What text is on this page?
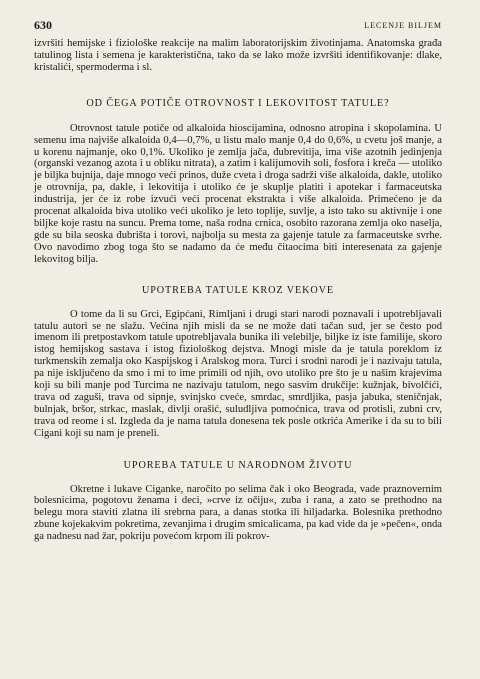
630	LECENJE BILJEM

izvršiti hemijske i fiziološke reakcije na malim laboratorijskim životinjama. Anatomska građa tatulinog lista i semena je karakteristična, tako da se lako može izvršiti identifikovanje: dlake, kristalići, spermoderma i sl.

OD ČEGA POTIČE OTROVNOST I LEKOVITOST TATULE?

Otrovnost tatule potiče od alkaloida hioscijamina, odnosno atropina i skopolamina. U semenu ima najviše alkaloida 0,4—0,7%, u listu malo manje 0,4 do 0,6%, u cvetu još manje, a u korenu najmanje, oko 0,1%. Ukoliko je zemlja jača, đubrevitija, ima više azotnih jedinjenja (organski vezanog azota i u obliku nitrata), a zatim i kalijumovih soli, fosfora i kreča — utoliko je biljka bujnija, daje mnogo veći prinos, duže cveta i droga sadrži više alkaloida, dakle, utoliko je otrovnija, pa, dakle, i lekovitija i utoliko će je skuplje platiti i apotekar i farmaceutska industrija, jer će iz robe izvući veći procenat ekstrakta i više alkaloida. Primećeno je da procenat alkaloida biva utoliko veći ukoliko je leto toplije, suvlje, a isto tako su aktivnije i one biljke koje rastu na suncu. Prema tome, naša rodna crnica, osobito razorana zemlja oko naselja, gde su bila seoska đubrišta i torovi, najbolja su mesta za gajenje tatule za farmaceutske svrhe. Ovo navodimo zbog toga što se nadamo da će među čitaocima biti interesenata za gajenje lekovitog bilja.

UPOTREBA TATULE KROZ VEKOVE

O tome da li su Grci, Egipćani, Rimljani i drugi stari narodi poznavali i upotrebljavali tatulu autori se ne slažu. Većina njih misli da se ne može dati tačan sud, jer se često pod imenom ili pretpostavkom tatule upotrebljavala bunika ili velebilje, biljke iz iste familije, skoro istog hemijskog sastava i istog fiziološkog dejstva. Mnogi misle da je tatula poreklom iz turkmenskih zemalja oko Kaspijskog i Aralskog mora. Turci i srodni narodi je i nazivaju tatula, pa nije isključeno da smo i mi to ime primili od njih, ovo utoliko pre što je u našim krajevima koji su bili manje pod Turcima ne nazivaju tatulom, nego sasvim drukčije: kužnjak, bivolčići, trava od zaguši, trava od sipnje, svinjsko cveće, smrdac, smrdljika, pasja jabuka, steničnjak, bulnjak, bršor, strkac, maslak, divlji orašić, suludljiva pomoćnica, trava od protisli, zubni crv, trava od reome i sl. Izgleda da je nama tatula donesena tek posle otkrića Amerike i da su to bili Cigani koji su nam je preneli.

UPOREBA TATULE U NARODNOM ŽIVOTU

Okretne i lukave Ciganke, naročito po selima čak i oko Beograda, vade praznovernim bolesnicima, pogotovu ženama i deci, »crve iz očiju«, zuba i rana, a zato se prethodno na belegu mora staviti zlatna ili srebrna para, a danas stotka ili hiljadarka. Bolesnika prethodno zbune kojekakvim pokretima, zevanjima i drugim smicalicama, pa kad vide da je »pečen«, onda ga nadnesu nad žar, pokriju povećom krpom ili pokrov-
